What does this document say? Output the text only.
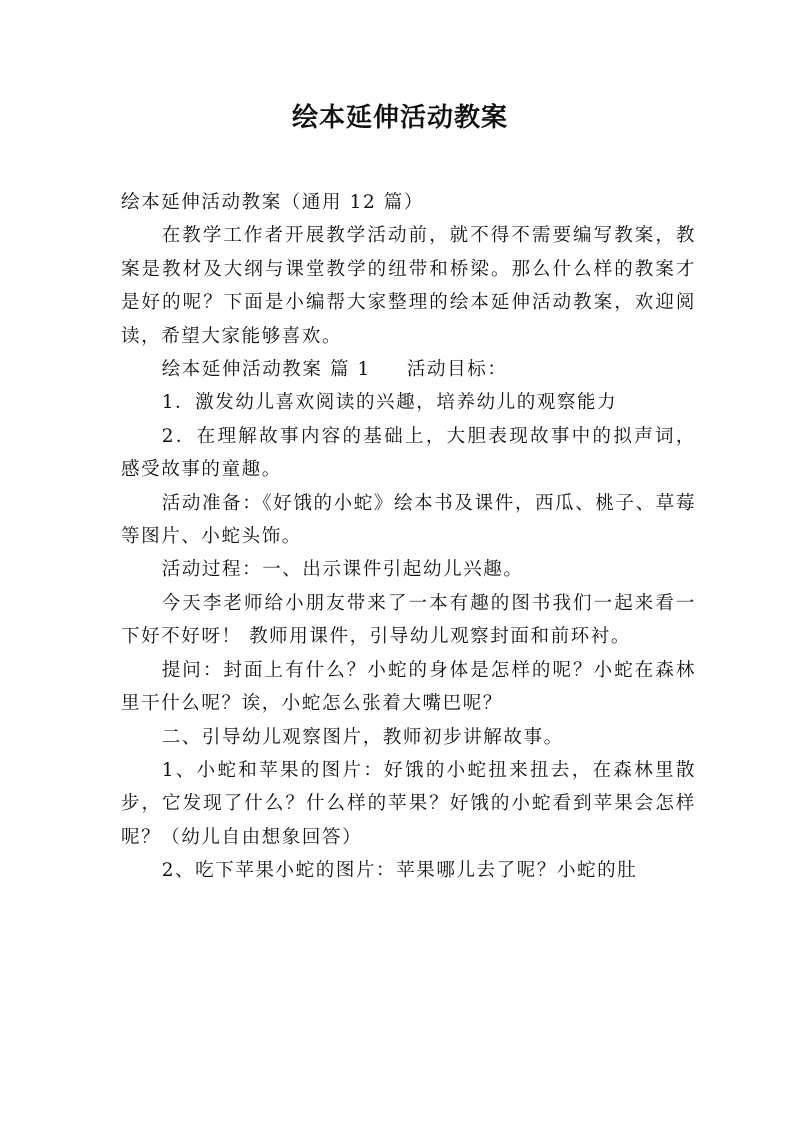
绘本延伸活动教案

绘本延伸活动教案（通用 12 篇）

在教学工作者开展教学活动前，就不得不需要编写教案，教案是教材及大纲与课堂教学的纽带和桥梁。那么什么样的教案才是好的呢？下面是小编帮大家整理的绘本延伸活动教案，欢迎阅读，希望大家能够喜欢。

绘本延伸活动教案 篇 1 活动目标：

1．激发幼儿喜欢阅读的兴趣，培养幼儿的观察能力

2．在理解故事内容的基础上，大胆表现故事中的拟声词，感受故事的童趣。

活动准备：《好饿的小蛇》绘本书及课件，西瓜、桃子、草莓等图片、小蛇头饰。

活动过程：一、出示课件引起幼儿兴趣。

今天李老师给小朋友带来了一本有趣的图书我们一起来看一下好不好呀！ 教师用课件，引导幼儿观察封面和前环衬。

提问：封面上有什么？小蛇的身体是怎样的呢？小蛇在森林里干什么呢？诶，小蛇怎么张着大嘴巴呢？

二、引导幼儿观察图片，教师初步讲解故事。

1、小蛇和苹果的图片：好饿的小蛇扭来扭去，在森林里散步，它发现了什么？什么样的苹果？好饿的小蛇看到苹果会怎样呢？（幼儿自由想象回答）

2、吃下苹果小蛇的图片：苹果哪儿去了呢？小蛇的肚
